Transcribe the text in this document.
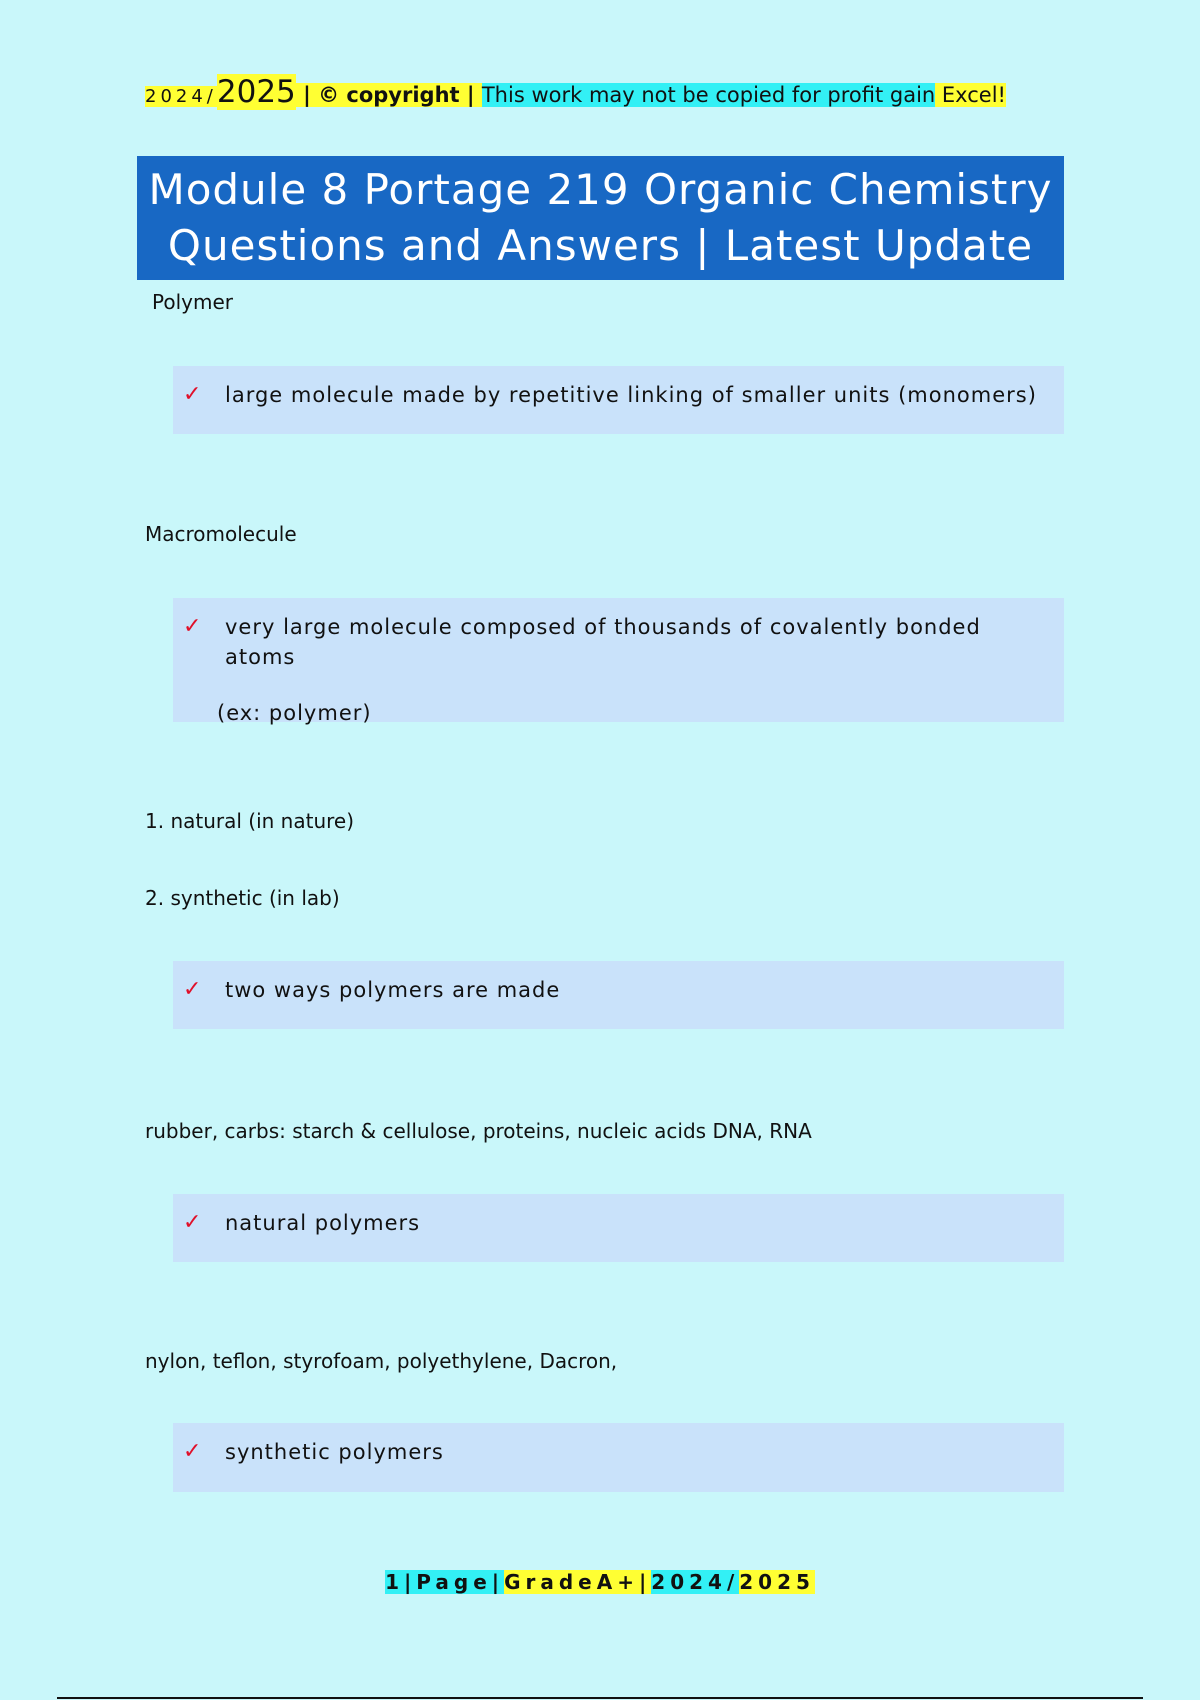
2024/2025 | © copyright | This work may not be copied for profit gain Excel!
Module 8 Portage 219 Organic Chemistry
Questions and Answers | Latest Update
Polymer
✓ large molecule made by repetitive linking of smaller units (monomers)
Macromolecule
✓ very large molecule composed of thousands of covalently bonded atoms
(ex: polymer)
1. natural (in nature)
2. synthetic (in lab)
✓ two ways polymers are made
rubber, carbs: starch & cellulose, proteins, nucleic acids DNA, RNA
✓ natural polymers
nylon, teflon, styrofoam, polyethylene, Dacron,
✓ synthetic polymers
1|Page|GradeA+|2024/2025
